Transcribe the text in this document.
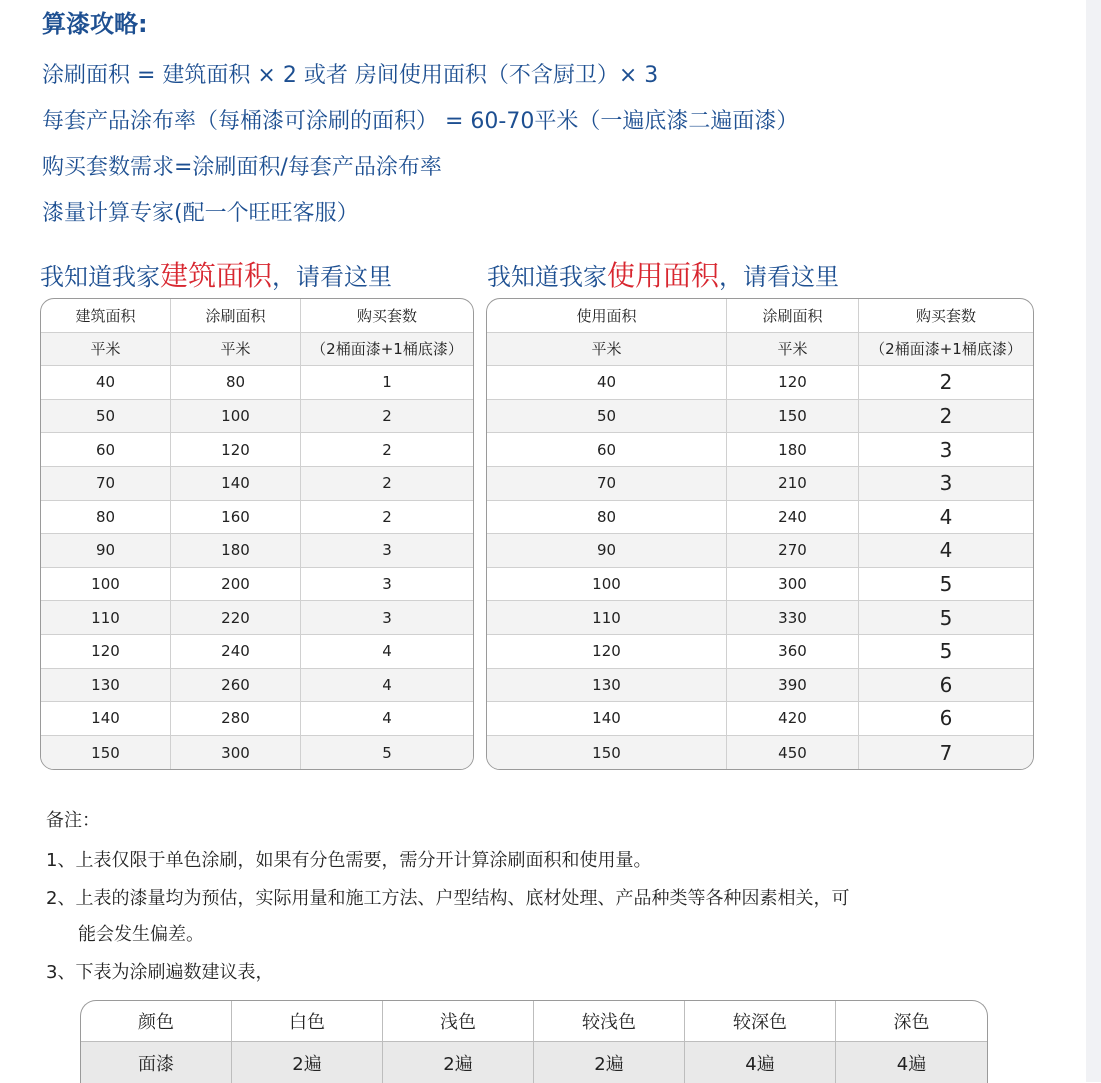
算漆攻略:
涂刷面积 = 建筑面积 × 2 或者 房间使用面积（不含厨卫）× 3
每套产品涂布率（每桶漆可涂刷的面积） = 60-70平米（一遍底漆二遍面漆）
购买套数需求=涂刷面积/每套产品涂布率
漆量计算专家(配一个旺旺客服）
我知道我家建筑面积，请看这里	我知道我家使用面积，请看这里
建筑面积	涂刷面积	购买套数
平米	平米	（2桶面漆+1桶底漆）
40	80	1
50	100	2
60	120	2
70	140	2
80	160	2
90	180	3
100	200	3
110	220	3
120	240	4
130	260	4
140	280	4
150	300	5
使用面积	涂刷面积	购买套数
平米	平米	（2桶面漆+1桶底漆）
40	120	2
50	150	2
60	180	3
70	210	3
80	240	4
90	270	4
100	300	5
110	330	5
120	360	5
130	390	6
140	420	6
150	450	7
备注：
1、上表仅限于单色涂刷，如果有分色需要，需分开计算涂刷面积和使用量。
2、上表的漆量均为预估，实际用量和施工方法、户型结构、底材处理、产品种类等各种因素相关，可
能会发生偏差。
3、下表为涂刷遍数建议表，
颜色	白色	浅色	较浅色	较深色	深色
面漆	2遍	2遍	2遍	4遍	4遍
